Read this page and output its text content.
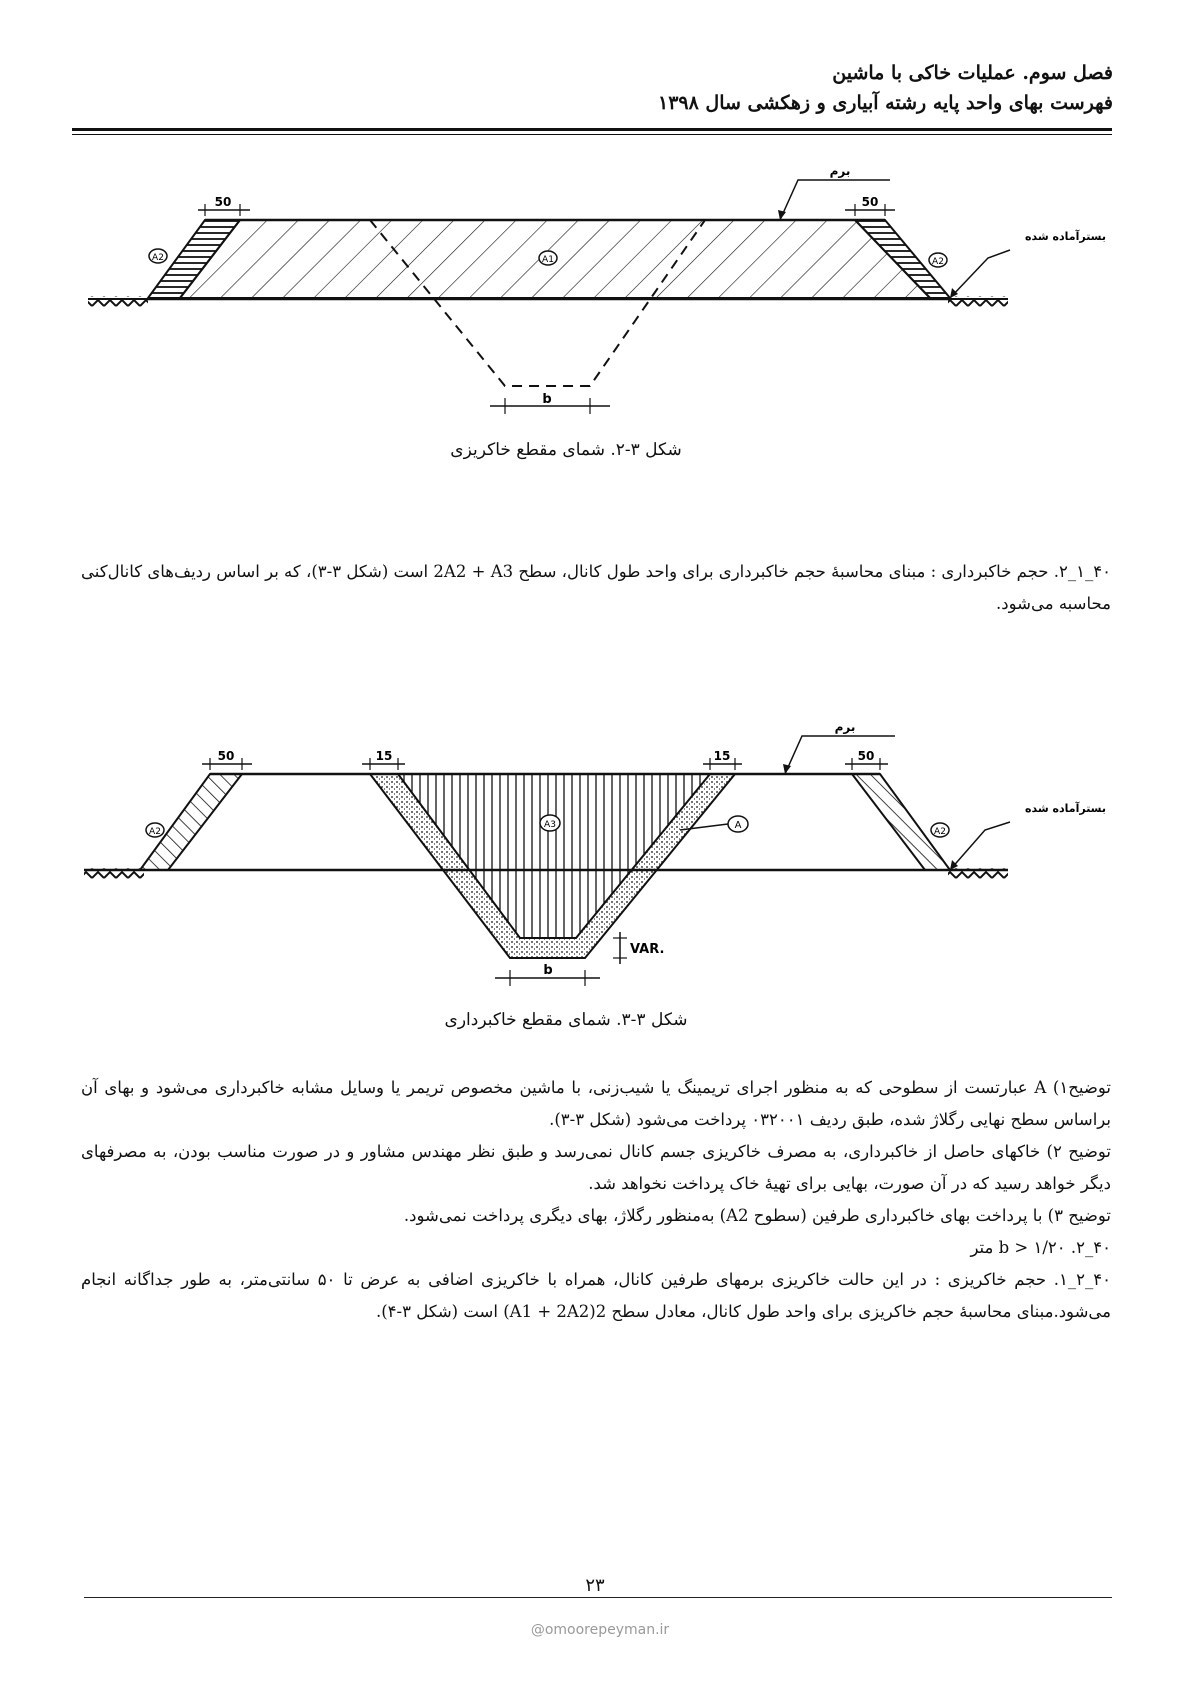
فصل سوم. عملیات خاکی با ماشین
فهرست بهای واحد پایه رشته آبیاری و زهکشی سال ۱۳۹۸
b
50	50
برم
بسترآماده شده
A2	A1	A2
شکل ۳-۲. شمای مقطع خاکریزی

۴۰_۱_۲. حجم خاکبرداری : مبنای محاسبۀ حجم خاکبرداری برای واحد طول کانال، سطح 2A2 + A3 است (شکل ۳-۳)، که بر اساس ردیف‌های کانال‌کنی محاسبه می‌شود.

b
VAR.
50	15	15	50
برم
بسترآماده شده
A
A2
A3
A2
شکل ۳-۳. شمای مقطع خاکبرداری

توضیح۱) A عبارتست از سطوحی که به منظور اجرای تریمینگ یا شیب‌زنی، با ماشین مخصوص تریمر یا وسایل مشابه خاکبرداری می‌شود و بهای آن براساس سطح نهایی رگلاژ شده، طبق ردیف ۰۳۲۰۰۱ پرداخت می‌شود (شکل ۳-۳).

توضیح ۲) خاکهای حاصل از خاکبرداری، به مصرف خاکریزی جسم کانال نمی‌رسد و طبق نظر مهندس مشاور و در صورت مناسب بودن، به مصرفهای دیگر خواهد رسید که در آن صورت، بهایی برای تهیۀ خاک پرداخت نخواهد شد.

توضیح ۳) با پرداخت بهای خاکبرداری طرفین (سطوح A2) به‌منظور رگلاژ، بهای دیگری پرداخت نمی‌شود.

۴۰_۲. b > ۱/۲۰ متر

۴۰_۲_۱. حجم خاکریزی : در این حالت خاکریزی برمهای طرفین کانال، همراه با خاکریزی اضافی به عرض تا ۵۰ سانتی‌متر، به طور جداگانه انجام می‌شود.مبنای محاسبۀ حجم خاکریزی برای واحد طول کانال، معادل سطح 2(A1 + 2A2) است (شکل ۳-۴).

۲۳
@omoorepeyman.ir
